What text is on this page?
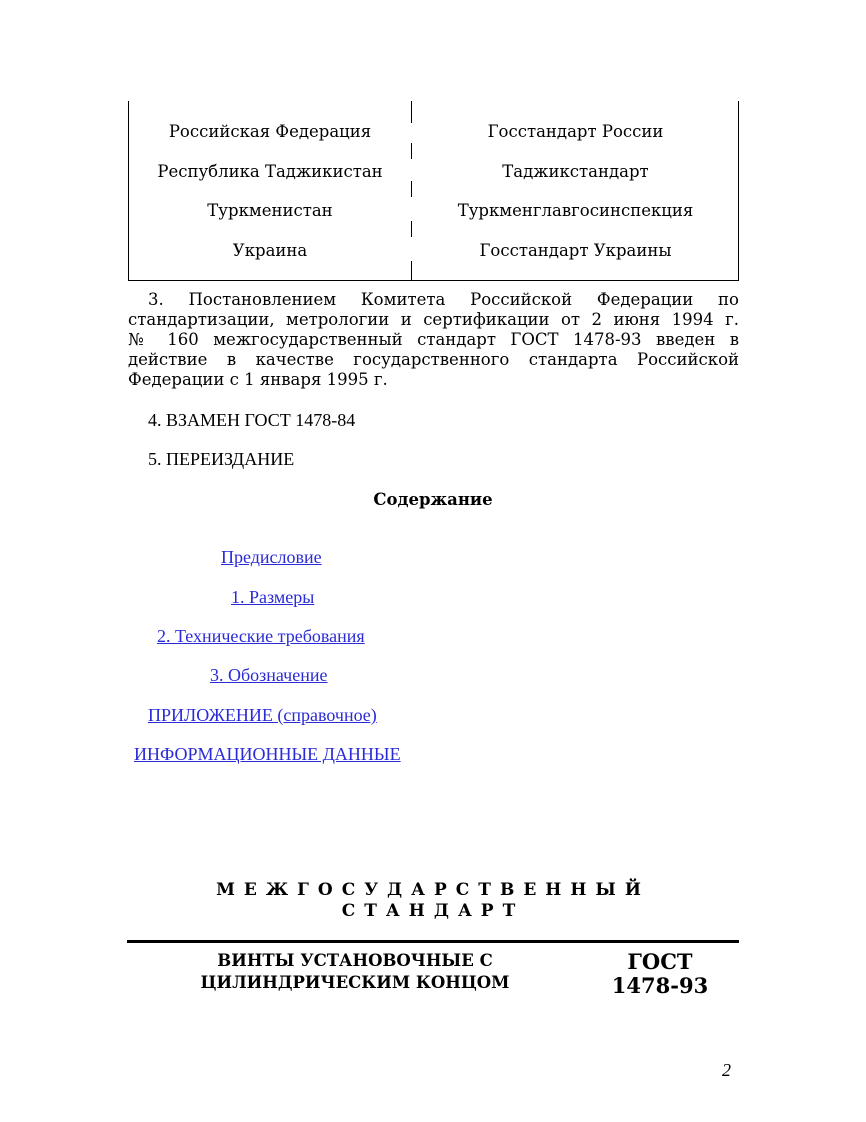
Российская Федерация	Госстандарт России
Республика Таджикистан	Таджикстандарт
Туркменистан	Туркменглавгосинспекция
Украина	Госстандарт Украины
3. Постановлением Комитета Российской Федерации по
стандартизации, метрологии и сертификации от 2 июня 1994 г.
№ 160 межгосударственный стандарт ГОСТ 1478-93 введен в
действие в качестве государственного стандарта Российской
Федерации с 1 января 1995 г.
4. ВЗАМЕН ГОСТ 1478-84
5. ПЕРЕИЗДАНИЕ
Содержание
Предисловие
1. Размеры
2. Технические требования
3. Обозначение
ПРИЛОЖЕНИЕ (справочное)
ИНФОРМАЦИОННЫЕ ДАННЫЕ
МЕЖГОСУДАРСТВЕННЫЙ
СТАНДАРТ
ВИНТЫ УСТАНОВОЧНЫЕ С
ЦИЛИНДРИЧЕСКИМ КОНЦОМ
ГОСТ
1478-93
2
